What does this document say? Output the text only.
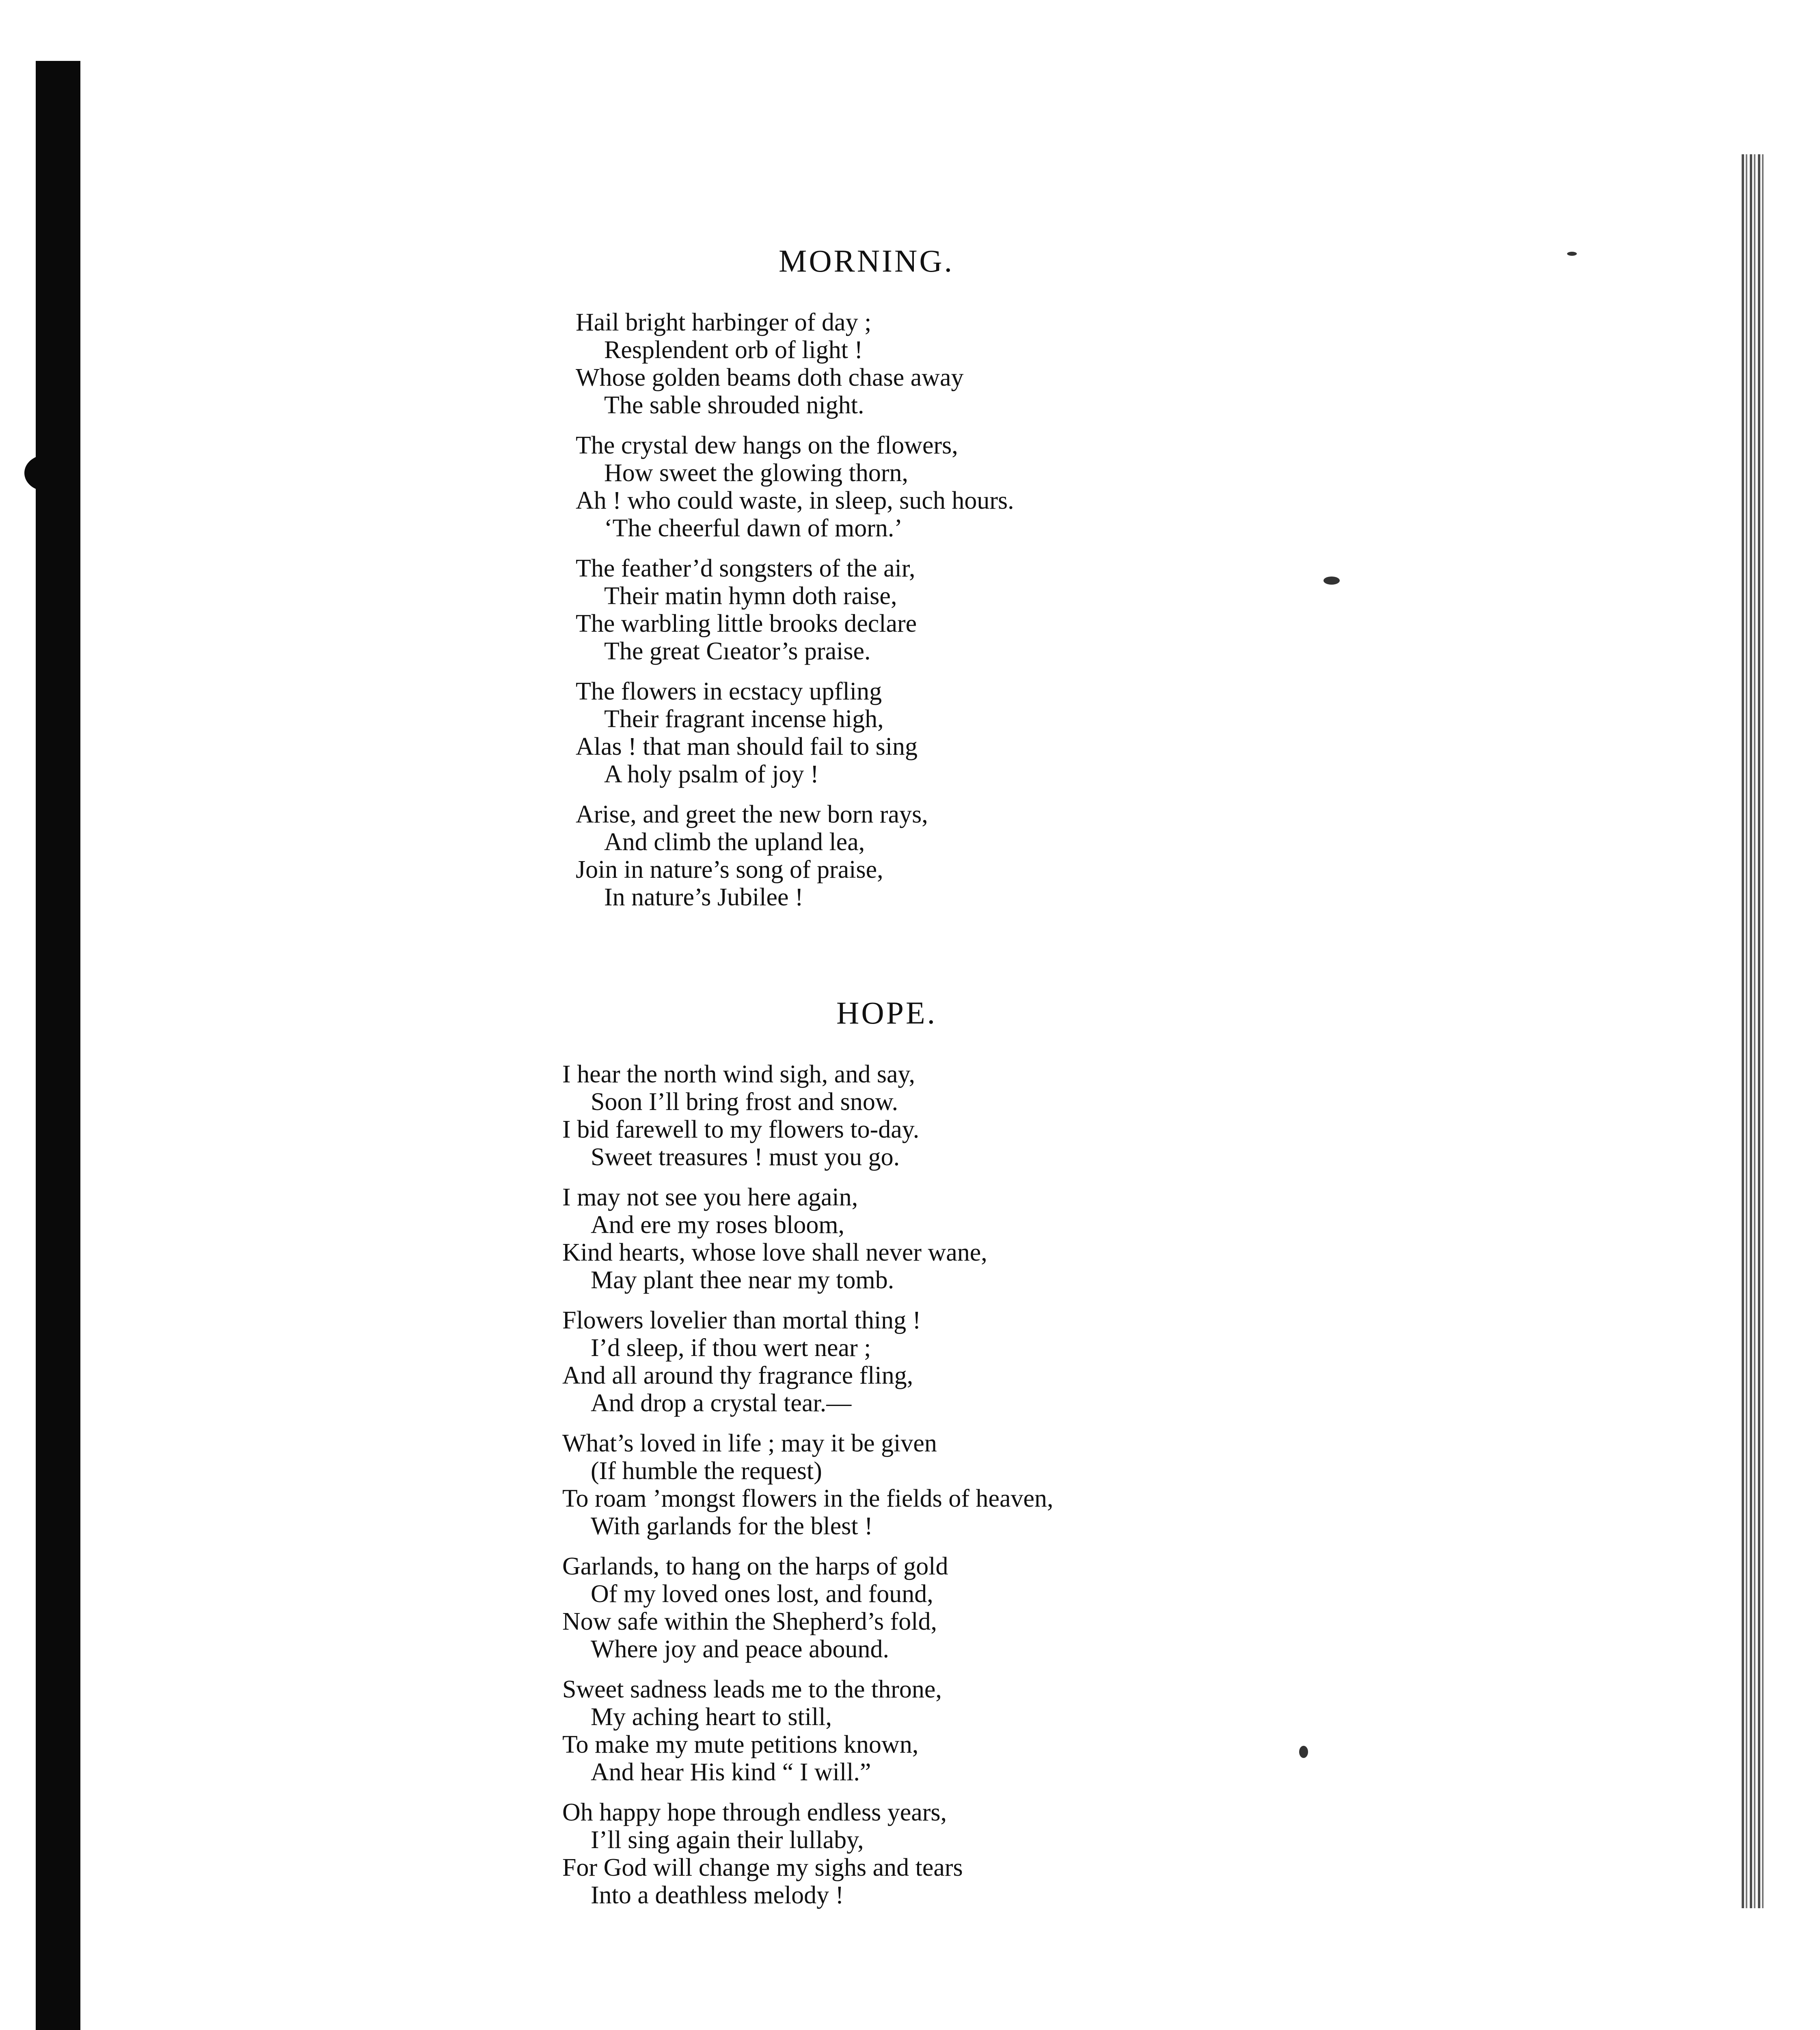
MORNING.
Hail bright harbinger of day ;
Resplendent orb of light !
Whose golden beams doth chase away
The sable shrouded night.
The crystal dew hangs on the flowers,
How sweet the glowing thorn,
Ah ! who could waste, in sleep, such hours.
‘The cheerful dawn of morn.’
The feather’d songsters of the air,
Their matin hymn doth raise,
The warbling little brooks declare
The great Cıeator’s praise.
The flowers in ecstacy upfling
Their fragrant incense high,
Alas ! that man should fail to sing
A holy psalm of joy !
Arise, and greet the new born rays,
And climb the upland lea,
Join in nature’s song of praise,
In nature’s Jubilee !
HOPE.
I hear the north wind sigh, and say,
Soon I’ll bring frost and snow.
I bid farewell to my flowers to-day.
Sweet treasures ! must you go.
I may not see you here again,
And ere my roses bloom,
Kind hearts, whose love shall never wane,
May plant thee near my tomb.
Flowers lovelier than mortal thing !
I’d sleep, if thou wert near ;
And all around thy fragrance fling,
And drop a crystal tear.—
What’s loved in life ; may it be given
(If humble the request)
To roam ’mongst flowers in the fields of heaven,
With garlands for the blest !
Garlands, to hang on the harps of gold
Of my loved ones lost, and found,
Now safe within the Shepherd’s fold,
Where joy and peace abound.
Sweet sadness leads me to the throne,
My aching heart to still,
To make my mute petitions known,
And hear His kind “ I will.”
Oh happy hope through endless years,
I’ll sing again their lullaby,
For God will change my sighs and tears
Into a deathless melody !
